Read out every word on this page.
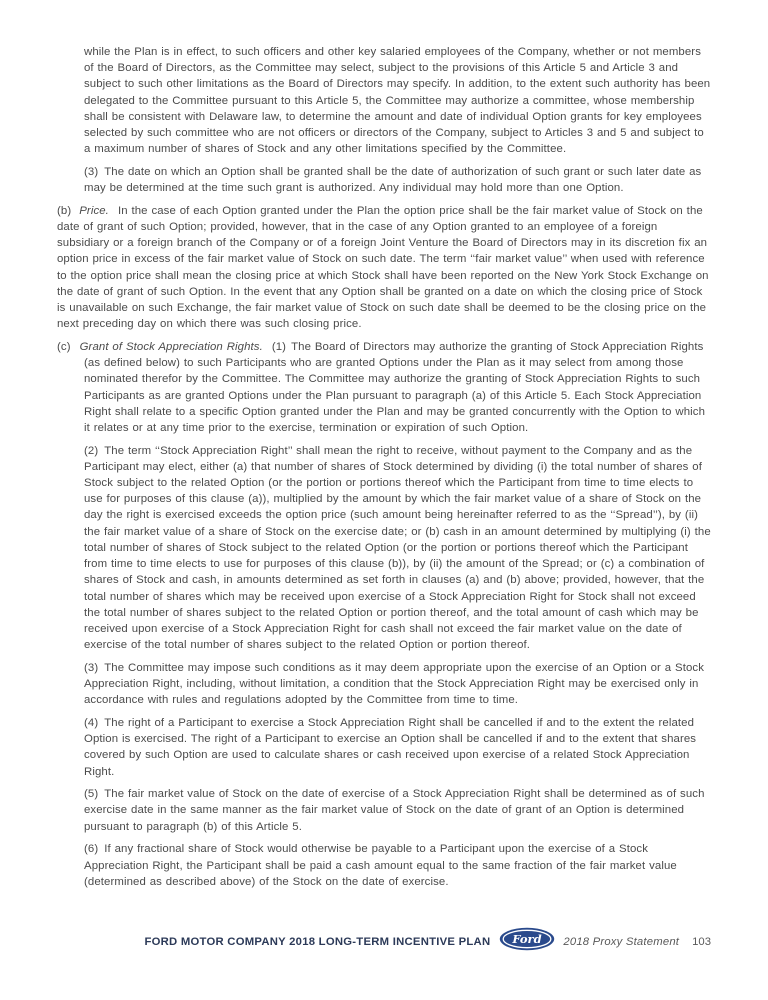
while the Plan is in effect, to such officers and other key salaried employees of the Company, whether or not members of the Board of Directors, as the Committee may select, subject to the provisions of this Article 5 and Article 3 and subject to such other limitations as the Board of Directors may specify. In addition, to the extent such authority has been delegated to the Committee pursuant to this Article 5, the Committee may authorize a committee, whose membership shall be consistent with Delaware law, to determine the amount and date of individual Option grants for key employees selected by such committee who are not officers or directors of the Company, subject to Articles 3 and 5 and subject to a maximum number of shares of Stock and any other limitations specified by the Committee.

(3) The date on which an Option shall be granted shall be the date of authorization of such grant or such later date as may be determined at the time such grant is authorized. Any individual may hold more than one Option.

(b) Price. In the case of each Option granted under the Plan the option price shall be the fair market value of Stock on the date of grant of such Option; provided, however, that in the case of any Option granted to an employee of a foreign subsidiary or a foreign branch of the Company or of a foreign Joint Venture the Board of Directors may in its discretion fix an option price in excess of the fair market value of Stock on such date. The term ‘‘fair market value’’ when used with reference to the option price shall mean the closing price at which Stock shall have been reported on the New York Stock Exchange on the date of grant of such Option. In the event that any Option shall be granted on a date on which the closing price of Stock is unavailable on such Exchange, the fair market value of Stock on such date shall be deemed to be the closing price on the next preceding day on which there was such closing price.

(c) Grant of Stock Appreciation Rights. (1) The Board of Directors may authorize the granting of Stock Appreciation Rights (as defined below) to such Participants who are granted Options under the Plan as it may select from among those nominated therefor by the Committee. The Committee may authorize the granting of Stock Appreciation Rights to such Participants as are granted Options under the Plan pursuant to paragraph (a) of this Article 5. Each Stock Appreciation Right shall relate to a specific Option granted under the Plan and may be granted concurrently with the Option to which it relates or at any time prior to the exercise, termination or expiration of such Option.

(2) The term ‘‘Stock Appreciation Right’’ shall mean the right to receive, without payment to the Company and as the Participant may elect, either (a) that number of shares of Stock determined by dividing (i) the total number of shares of Stock subject to the related Option (or the portion or portions thereof which the Participant from time to time elects to use for purposes of this clause (a)), multiplied by the amount by which the fair market value of a share of Stock on the day the right is exercised exceeds the option price (such amount being hereinafter referred to as the ‘‘Spread’’), by (ii) the fair market value of a share of Stock on the exercise date; or (b) cash in an amount determined by multiplying (i) the total number of shares of Stock subject to the related Option (or the portion or portions thereof which the Participant from time to time elects to use for purposes of this clause (b)), by (ii) the amount of the Spread; or (c) a combination of shares of Stock and cash, in amounts determined as set forth in clauses (a) and (b) above; provided, however, that the total number of shares which may be received upon exercise of a Stock Appreciation Right for Stock shall not exceed the total number of shares subject to the related Option or portion thereof, and the total amount of cash which may be received upon exercise of a Stock Appreciation Right for cash shall not exceed the fair market value on the date of exercise of the total number of shares subject to the related Option or portion thereof.

(3) The Committee may impose such conditions as it may deem appropriate upon the exercise of an Option or a Stock Appreciation Right, including, without limitation, a condition that the Stock Appreciation Right may be exercised only in accordance with rules and regulations adopted by the Committee from time to time.

(4) The right of a Participant to exercise a Stock Appreciation Right shall be cancelled if and to the extent the related Option is exercised. The right of a Participant to exercise an Option shall be cancelled if and to the extent that shares covered by such Option are used to calculate shares or cash received upon exercise of a related Stock Appreciation Right.

(5) The fair market value of Stock on the date of exercise of a Stock Appreciation Right shall be determined as of such exercise date in the same manner as the fair market value of Stock on the date of grant of an Option is determined pursuant to paragraph (b) of this Article 5.

(6) If any fractional share of Stock would otherwise be payable to a Participant upon the exercise of a Stock Appreciation Right, the Participant shall be paid a cash amount equal to the same fraction of the fair market value (determined as described above) of the Stock on the date of exercise.

FORD MOTOR COMPANY 2018 LONG-TERM INCENTIVE PLAN Ford 2018 Proxy Statement 103
